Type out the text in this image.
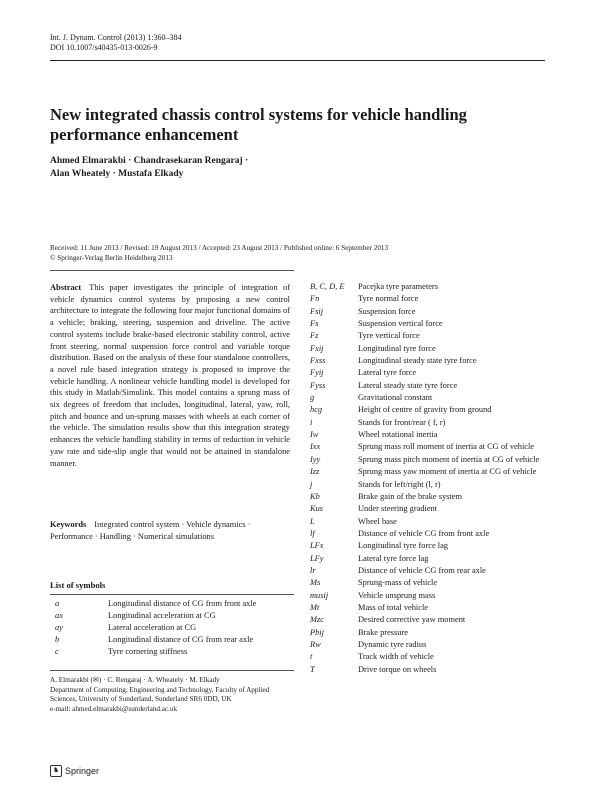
Int. J. Dynam. Control (2013) 1:360–384
DOI 10.1007/s40435-013-0026-9
New integrated chassis control systems for vehicle handling performance enhancement
Ahmed Elmarakbi · Chandrasekaran Rengaraj ·
Alan Wheately · Mustafa Elkady
Received: 11 June 2013 / Revised: 19 August 2013 / Accepted: 23 August 2013 / Published online: 6 September 2013
© Springer-Verlag Berlin Heidelberg 2013
Abstract This paper investigates the principle of integration of vehicle dynamics control systems by proposing a new control architecture to integrate the following four major functional domains of a vehicle; braking, steering, suspension and driveline. The active control systems include brake-based electronic stability control, active front steering, normal suspension force control and variable torque distribution. Based on the analysis of these four standalone controllers, a novel rule based integration strategy is proposed to improve the vehicle handling. A nonlinear vehicle handling model is developed for this study in Matlab/Simulink. This model contains a sprung mass of six degrees of freedom that includes, longitudinal, lateral, yaw, roll, pitch and bounce and un-sprung masses with wheels at each corner of the vehicle. The simulation results show that this integration strategy enhances the vehicle handling stability in terms of reduction in vehicle yaw rate and side-slip angle that would not be attained in standalone manner.
Keywords Integrated control system · Vehicle dynamics · Performance · Handling · Numerical simulations
List of symbols
a	Longitudinal distance of CG from front axle
ax	Longitudinal acceleration at CG
ay	Lateral acceleration at CG
b	Longitudinal distance of CG from rear axle
c	Tyre cornering stiffness
A. Elmarakbi (✉) · C. Rengaraj · A. Wheately · M. Elkady
Department of Computing, Engineering and Technology, Faculty of Applied Sciences, University of Sunderland, Sunderland SR6 0DD, UK
e-mail: ahmed.elmarakbi@sunderland.ac.uk
♞ Springer
B, C, D, E	Pacejka tyre parameters
Fn	Tyre normal force
Fsij	Suspension force
Fs	Suspension vertical force
Fz	Tyre vertical force
Fxij	Longitudinal tyre force
Fxss	Longitudinal steady state tyre force
Fyij	Lateral tyre force
Fyss	Lateral steady state tyre force
g	Gravitational constant
hcg	Height of centre of gravity from ground
i	Stands for front/rear ( f, r)
Iw	Wheel rotational inertia
Ixx	Sprung mass roll moment of inertia at CG of vehicle
Iyy	Sprung mass pitch moment of inertia at CG of vehicle
Izz	Sprung mass yaw moment of inertia at CG of vehicle
j	Stands for left/right (l, r)
Kb	Brake gain of the brake system
Kus	Under steering gradient
L	Wheel base
lf	Distance of vehicle CG from front axle
LFx	Longitudinal tyre force lag
LFy	Lateral tyre force lag
lr	Distance of vehicle CG from rear axle
Ms	Sprung-mass of vehicle
musij	Vehicle unsprung mass
Mt	Mass of total vehicle
Mzc	Desired corrective yaw moment
Pbij	Brake pressure
Rw	Dynamic tyre radius
t	Track width of vehicle
T	Drive torque on wheels
